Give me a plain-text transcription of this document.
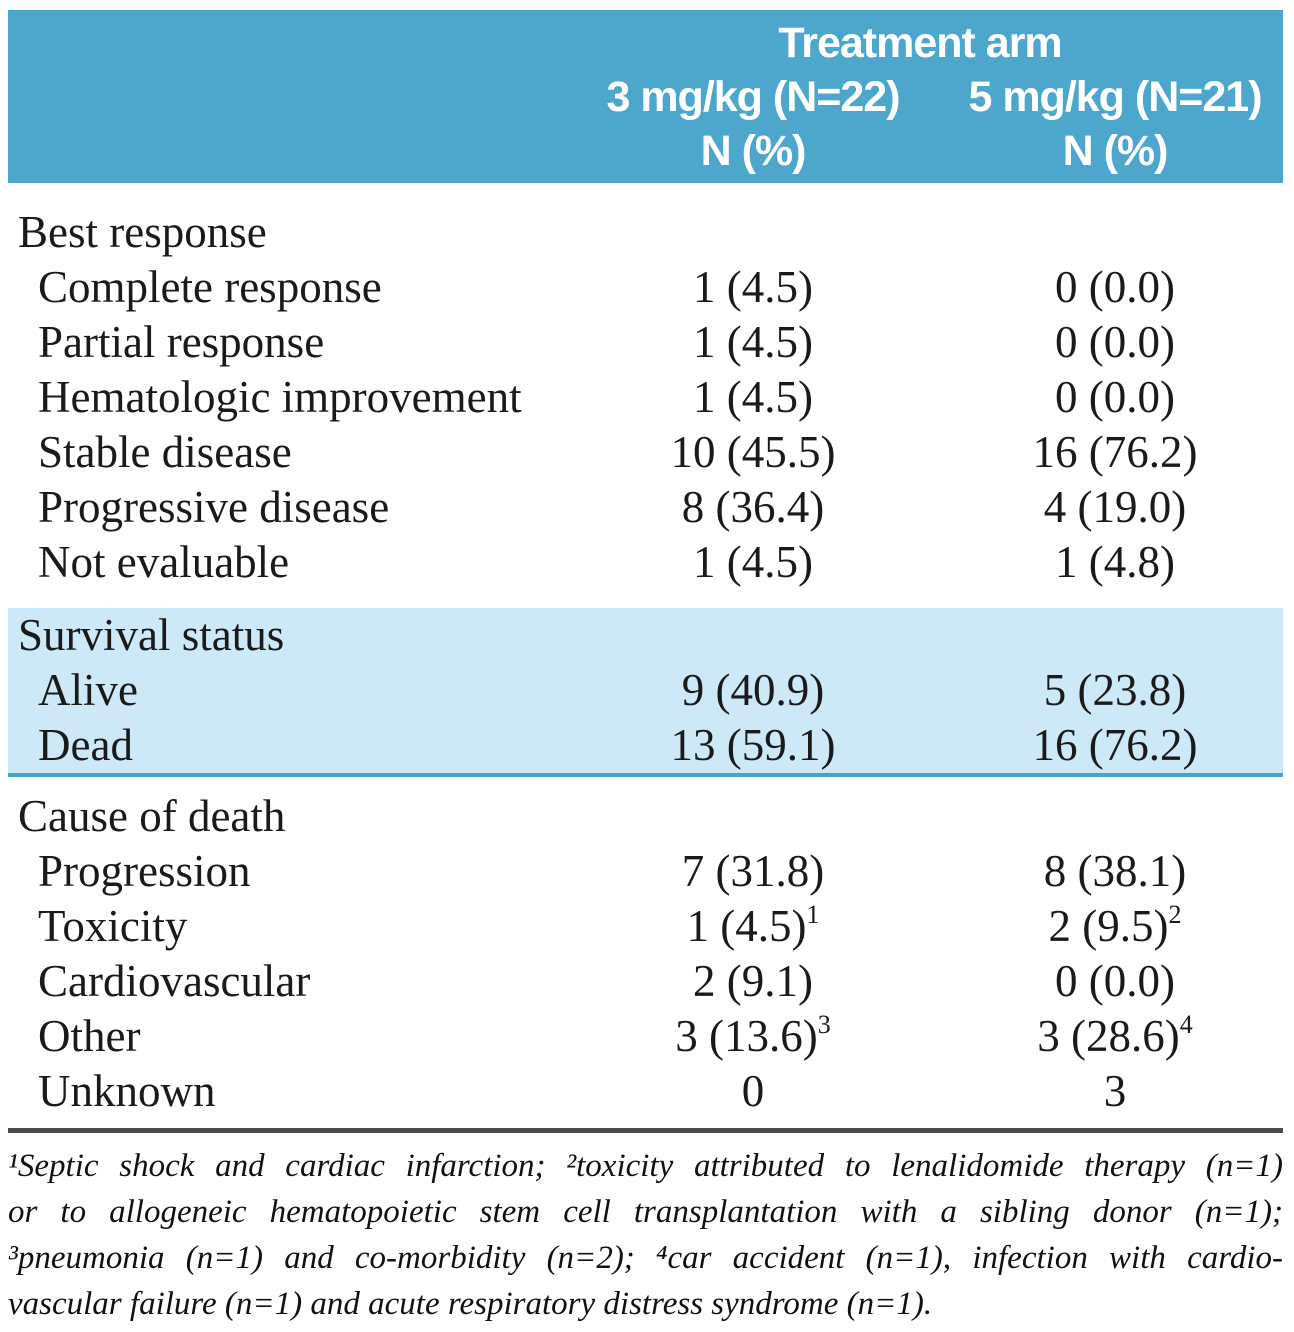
Treatment arm
3 mg/kg (N=22)	5 mg/kg (N=21)
N (%)	N (%)
Best response
Complete response	1 (4.5)	0 (0.0)
Partial response	1 (4.5)	0 (0.0)
Hematologic improvement	1 (4.5)	0 (0.0)
Stable disease	10 (45.5)	16 (76.2)
Progressive disease	8 (36.4)	4 (19.0)
Not evaluable	1 (4.5)	1 (4.8)
Survival status
Alive	9 (40.9)	5 (23.8)
Dead	13 (59.1)	16 (76.2)
Cause of death
Progression	7 (31.8)	8 (38.1)
Toxicity	1 $(4.5)^1$	2 $(9.5)^2$
Cardiovascular	2 (9.1)	0 (0.0)
Other	3 $(13.6)^3$	3 $(28.6)^4$
Unknown	0	3
¹Septic shock and cardiac infarction; ²toxicity attributed to lenalidomide therapy (n=1)
or to allogeneic hematopoietic stem cell transplantation with a sibling donor (n=1);
³pneumonia (n=1) and co-morbidity (n=2); ⁴car accident (n=1), infection with cardio-
vascular failure (n=1) and acute respiratory distress syndrome (n=1).
